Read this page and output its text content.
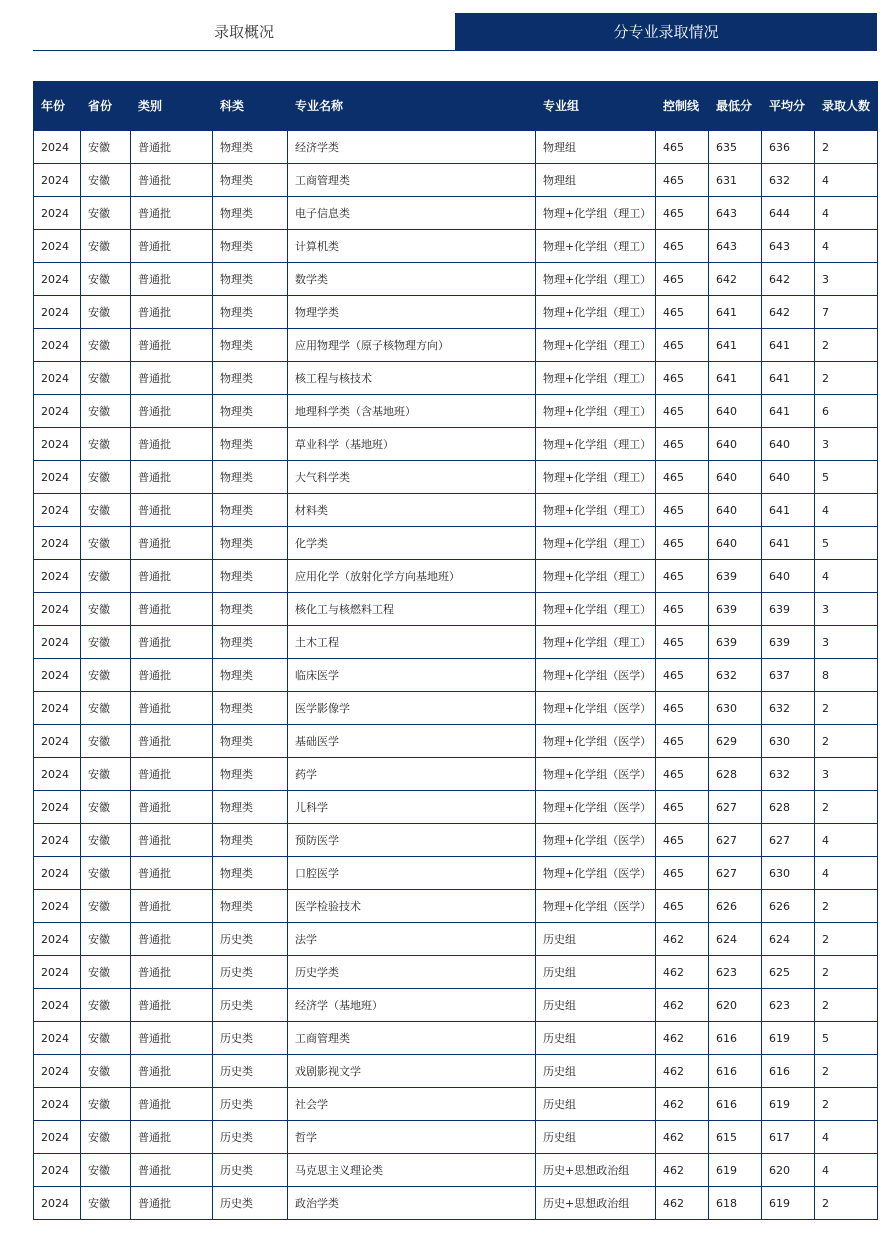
录取概况	分专业录取情况
年份	省份	类别	科类	专业名称	专业组	控制线	最低分	平均分	录取人数
2024	安徽	普通批	物理类	经济学类	物理组	465	635	636	2
2024	安徽	普通批	物理类	工商管理类	物理组	465	631	632	4
2024	安徽	普通批	物理类	电子信息类	物理+化学组（理工）	465	643	644	4
2024	安徽	普通批	物理类	计算机类	物理+化学组（理工）	465	643	643	4
2024	安徽	普通批	物理类	数学类	物理+化学组（理工）	465	642	642	3
2024	安徽	普通批	物理类	物理学类	物理+化学组（理工）	465	641	642	7
2024	安徽	普通批	物理类	应用物理学（原子核物理方向）	物理+化学组（理工）	465	641	641	2
2024	安徽	普通批	物理类	核工程与核技术	物理+化学组（理工）	465	641	641	2
2024	安徽	普通批	物理类	地理科学类（含基地班）	物理+化学组（理工）	465	640	641	6
2024	安徽	普通批	物理类	草业科学（基地班）	物理+化学组（理工）	465	640	640	3
2024	安徽	普通批	物理类	大气科学类	物理+化学组（理工）	465	640	640	5
2024	安徽	普通批	物理类	材料类	物理+化学组（理工）	465	640	641	4
2024	安徽	普通批	物理类	化学类	物理+化学组（理工）	465	640	641	5
2024	安徽	普通批	物理类	应用化学（放射化学方向基地班）	物理+化学组（理工）	465	639	640	4
2024	安徽	普通批	物理类	核化工与核燃料工程	物理+化学组（理工）	465	639	639	3
2024	安徽	普通批	物理类	土木工程	物理+化学组（理工）	465	639	639	3
2024	安徽	普通批	物理类	临床医学	物理+化学组（医学）	465	632	637	8
2024	安徽	普通批	物理类	医学影像学	物理+化学组（医学）	465	630	632	2
2024	安徽	普通批	物理类	基础医学	物理+化学组（医学）	465	629	630	2
2024	安徽	普通批	物理类	药学	物理+化学组（医学）	465	628	632	3
2024	安徽	普通批	物理类	儿科学	物理+化学组（医学）	465	627	628	2
2024	安徽	普通批	物理类	预防医学	物理+化学组（医学）	465	627	627	4
2024	安徽	普通批	物理类	口腔医学	物理+化学组（医学）	465	627	630	4
2024	安徽	普通批	物理类	医学检验技术	物理+化学组（医学）	465	626	626	2
2024	安徽	普通批	历史类	法学	历史组	462	624	624	2
2024	安徽	普通批	历史类	历史学类	历史组	462	623	625	2
2024	安徽	普通批	历史类	经济学（基地班）	历史组	462	620	623	2
2024	安徽	普通批	历史类	工商管理类	历史组	462	616	619	5
2024	安徽	普通批	历史类	戏剧影视文学	历史组	462	616	616	2
2024	安徽	普通批	历史类	社会学	历史组	462	616	619	2
2024	安徽	普通批	历史类	哲学	历史组	462	615	617	4
2024	安徽	普通批	历史类	马克思主义理论类	历史+思想政治组	462	619	620	4
2024	安徽	普通批	历史类	政治学类	历史+思想政治组	462	618	619	2
